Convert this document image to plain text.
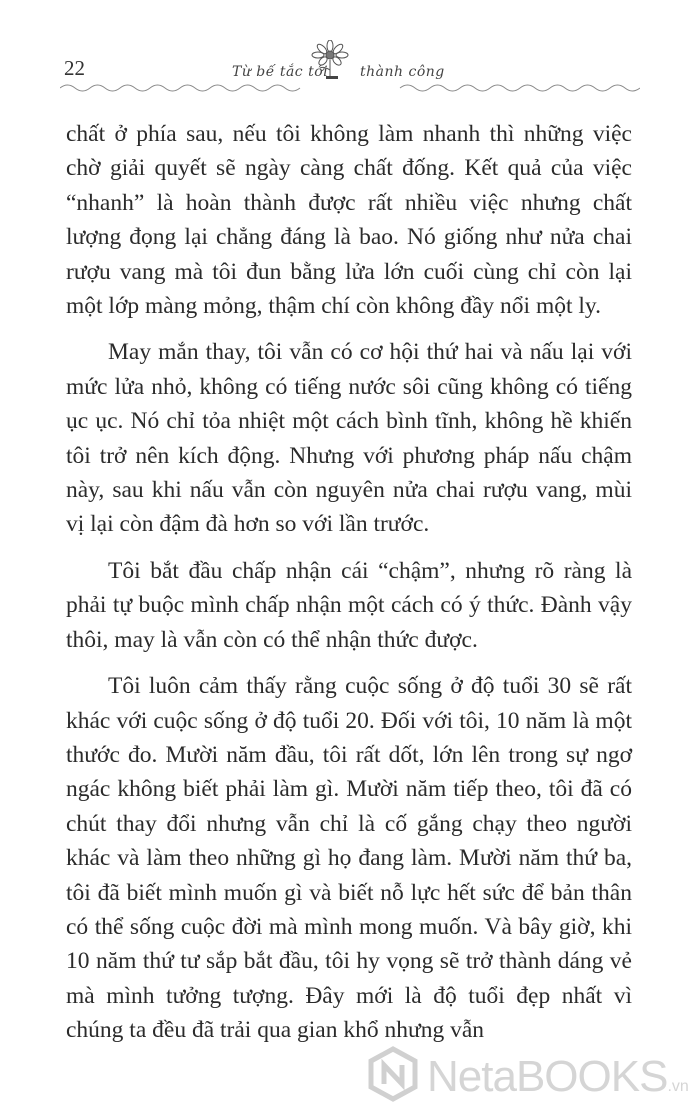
22	Từ bế tắc tới thành công

chất ở phía sau, nếu tôi không làm nhanh thì những việc chờ giải quyết sẽ ngày càng chất đống. Kết quả của việc “nhanh” là hoàn thành được rất nhiều việc nhưng chất lượng đọng lại chẳng đáng là bao. Nó giống như nửa chai rượu vang mà tôi đun bằng lửa lớn cuối cùng chỉ còn lại một lớp màng mỏng, thậm chí còn không đầy nổi một ly.

May mắn thay, tôi vẫn có cơ hội thứ hai và nấu lại với mức lửa nhỏ, không có tiếng nước sôi cũng không có tiếng ục ục. Nó chỉ tỏa nhiệt một cách bình tĩnh, không hề khiến tôi trở nên kích động. Nhưng với phương pháp nấu chậm này, sau khi nấu vẫn còn nguyên nửa chai rượu vang, mùi vị lại còn đậm đà hơn so với lần trước.

Tôi bắt đầu chấp nhận cái “chậm”, nhưng rõ ràng là phải tự buộc mình chấp nhận một cách có ý thức. Đành vậy thôi, may là vẫn còn có thể nhận thức được.

Tôi luôn cảm thấy rằng cuộc sống ở độ tuổi 30 sẽ rất khác với cuộc sống ở độ tuổi 20. Đối với tôi, 10 năm là một thước đo. Mười năm đầu, tôi rất dốt, lớn lên trong sự ngơ ngác không biết phải làm gì. Mười năm tiếp theo, tôi đã có chút thay đổi nhưng vẫn chỉ là cố gắng chạy theo người khác và làm theo những gì họ đang làm. Mười năm thứ ba, tôi đã biết mình muốn gì và biết nỗ lực hết sức để bản thân có thể sống cuộc đời mà mình mong muốn. Và bây giờ, khi 10 năm thứ tư sắp bắt đầu, tôi hy vọng sẽ trở thành dáng vẻ mà mình tưởng tượng. Đây mới là độ tuổi đẹp nhất vì chúng ta đều đã trải qua gian khổ nhưng vẫn

NetaBOOKS.vn
